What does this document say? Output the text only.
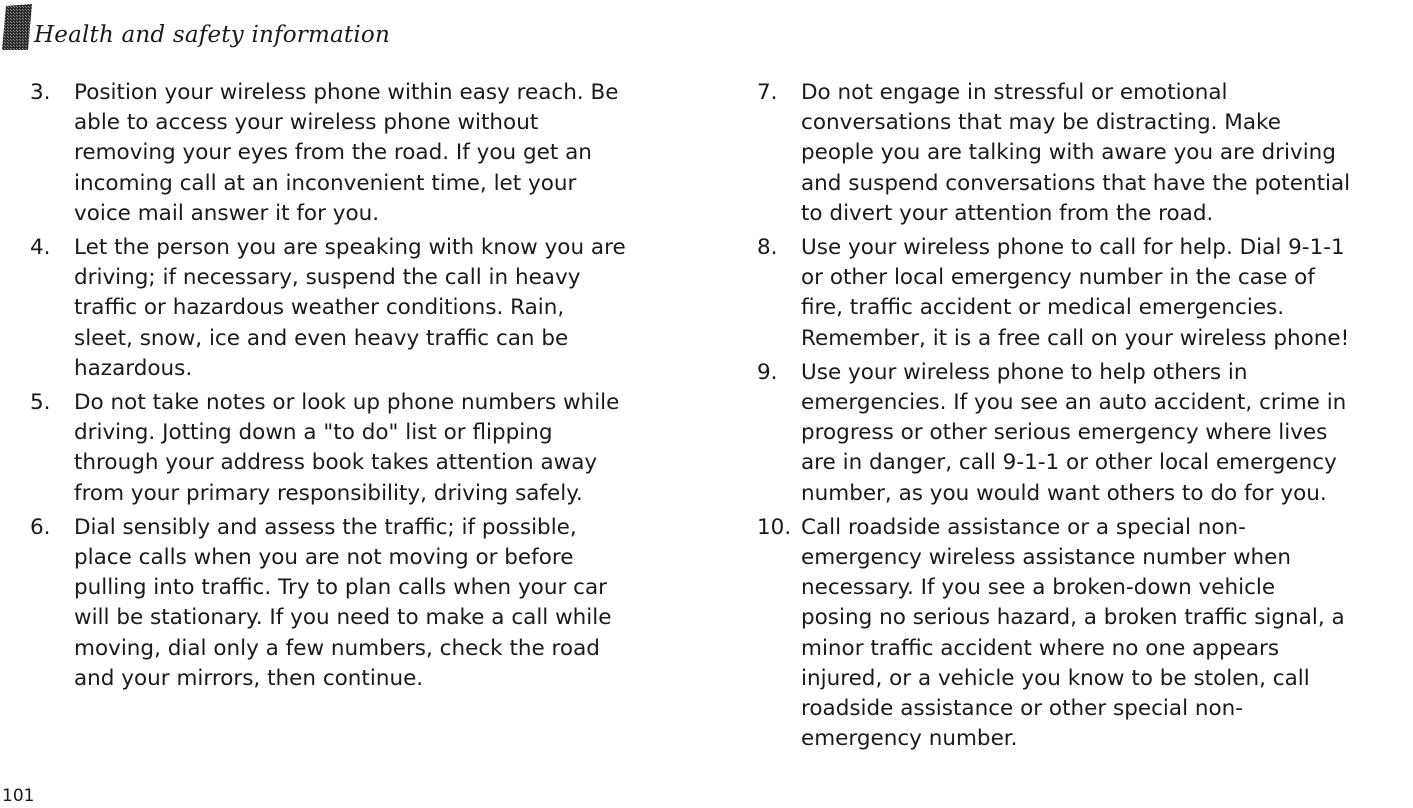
Health and safety information
3. Position your wireless phone within easy reach. Be
able to access your wireless phone without
removing your eyes from the road. If you get an
incoming call at an inconvenient time, let your
voice mail answer it for you.
4. Let the person you are speaking with know you are
driving; if necessary, suspend the call in heavy
traffic or hazardous weather conditions. Rain,
sleet, snow, ice and even heavy traffic can be
hazardous.
5. Do not take notes or look up phone numbers while
driving. Jotting down a "to do" list or flipping
through your address book takes attention away
from your primary responsibility, driving safely.
6. Dial sensibly and assess the traffic; if possible,
place calls when you are not moving or before
pulling into traffic. Try to plan calls when your car
will be stationary. If you need to make a call while
moving, dial only a few numbers, check the road
and your mirrors, then continue.
7. Do not engage in stressful or emotional
conversations that may be distracting. Make
people you are talking with aware you are driving
and suspend conversations that have the potential
to divert your attention from the road.
8. Use your wireless phone to call for help. Dial 9-1-1
or other local emergency number in the case of
fire, traffic accident or medical emergencies.
Remember, it is a free call on your wireless phone!
9. Use your wireless phone to help others in
emergencies. If you see an auto accident, crime in
progress or other serious emergency where lives
are in danger, call 9-1-1 or other local emergency
number, as you would want others to do for you.
10. Call roadside assistance or a special non-
emergency wireless assistance number when
necessary. If you see a broken-down vehicle
posing no serious hazard, a broken traffic signal, a
minor traffic accident where no one appears
injured, or a vehicle you know to be stolen, call
roadside assistance or other special non-
emergency number.
101
